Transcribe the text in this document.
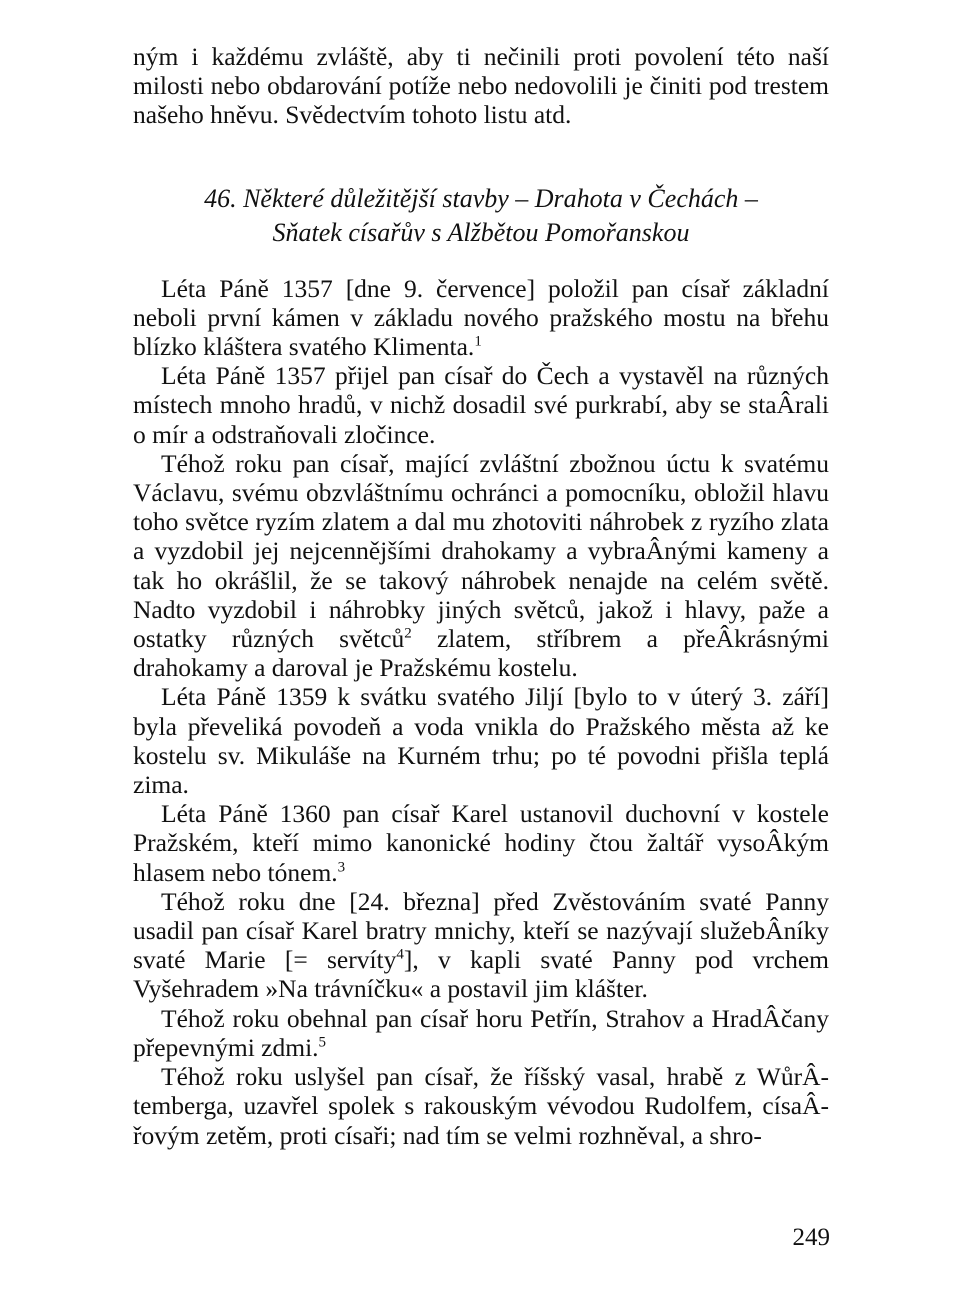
ným i každému zvláště, aby ti nečinili proti povolení této naší milosti nebo obdarování potíže nebo nedovolili je činiti pod trestem našeho hněvu. Svědectvím tohoto listu atd.

46. Některé důležitější stavby – Drahota v Čechách –
Sňatek císařův s Alžbětou Pomořanskou

Léta Páně 1357 [dne 9. července] položil pan císař základní neboli první kámen v základu nového pražského mostu na břehu blízko kláštera svatého Klimenta.$^1$

Léta Páně 1357 přijel pan císař do Čech a vystavěl na různých místech mnoho hradů, v nichž dosadil své purkrabí, aby se staÂrali o mír a odstraňovali zločince.

Téhož roku pan císař, mající zvláštní zbožnou úctu k svatému Václavu, svému obzvláštnímu ochránci a pomocníku, obložil hlavu toho světce ryzím zlatem a dal mu zhotoviti náhrobek z ryzího zlata a vyzdobil jej nejcennějšími drahokamy a vybraÂnými kameny a tak ho okrášlil, že se takový náhrobek nenajde na celém světě. Nadto vyzdobil i náhrobky jiných světců, jakož i hlavy, paže a ostatky různých světců$^2$ zlatem, stříbrem a přeÂkrásnými drahokamy a daroval je Pražskému kostelu.

Léta Páně 1359 k svátku svatého Jiljí [bylo to v úterý 3. září] byla převeliká povodeň a voda vnikla do Pražského města až ke kostelu sv. Mikuláše na Kurném trhu; po té povodni přišla teplá zima.

Léta Páně 1360 pan císař Karel ustanovil duchovní v kostele Pražském, kteří mimo kanonické hodiny čtou žaltář vysoÂkým hlasem nebo tónem.$^3$

Téhož roku dne [24. března] před Zvěstováním svaté Panny usadil pan císař Karel bratry mnichy, kteří se nazývají služebÂníky svaté Marie [= servíty$^4$], v kapli svaté Panny pod vrchem Vyšehradem »Na trávníčku« a postavil jim klášter.

Téhož roku obehnal pan císař horu Petřín, Strahov a HradÂčany přepevnými zdmi.$^5$

Téhož roku uslyšel pan císař, že říšský vasal, hrabě z WůrÂtemberga, uzavřel spolek s rakouským vévodou Rudolfem, císaÂřovým zetěm, proti císaři; nad tím se velmi rozhněval, a shro-

249
